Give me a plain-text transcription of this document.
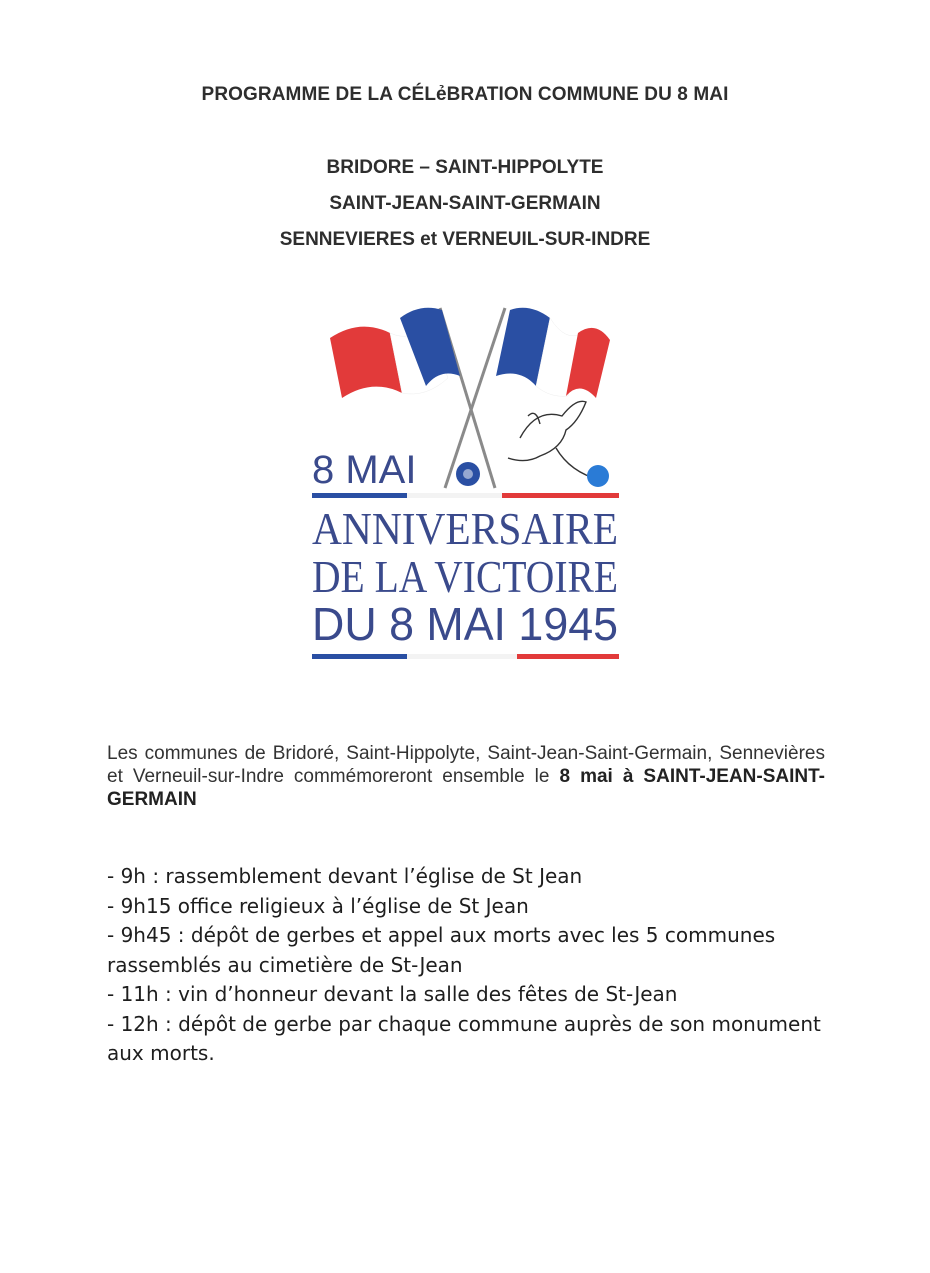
PROGRAMME DE LA CÉLẻBRATION COMMUNE DU 8 MAI
BRIDORE – SAINT-HIPPOLYTE
SAINT-JEAN-SAINT-GERMAIN
SENNEVIERES et VERNEUIL-SUR-INDRE
8 MAI
ANNIVERSAIRE
DE LA VICTOIRE
DU 8 MAI 1945
Les communes de Bridoré, Saint-Hippolyte, Saint-Jean-Saint-Germain, Sennevières et Verneuil-sur-Indre commémoreront ensemble le 8 mai à SAINT-JEAN-SAINT-GERMAIN
- 9h : rassemblement devant l’église de St Jean
- 9h15 office religieux à l’église de St Jean
- 9h45 : dépôt de gerbes et appel aux morts avec les 5 communes rassemblés au cimetière de St-Jean
- 11h : vin d’honneur devant la salle des fêtes de St-Jean
- 12h : dépôt de gerbe par chaque commune auprès de son monument aux morts.
